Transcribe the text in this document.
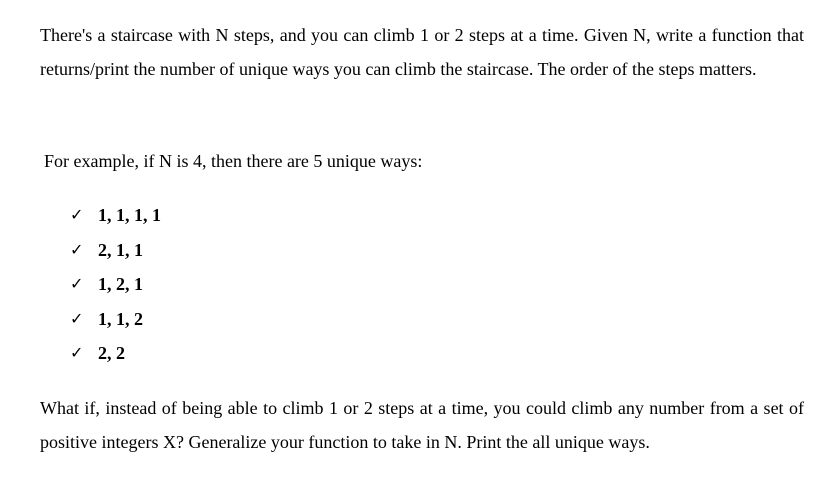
There's a staircase with N steps, and you can climb 1 or 2 steps at a time. Given N, write a function that returns/print the number of unique ways you can climb the staircase. The order of the steps matters.

For example, if N is 4, then there are 5 unique ways:

✓ 1, 1, 1, 1
✓ 2, 1, 1
✓ 1, 2, 1
✓ 1, 1, 2
✓ 2, 2

What if, instead of being able to climb 1 or 2 steps at a time, you could climb any number from a set of positive integers X? Generalize your function to take in N. Print the all unique ways.
